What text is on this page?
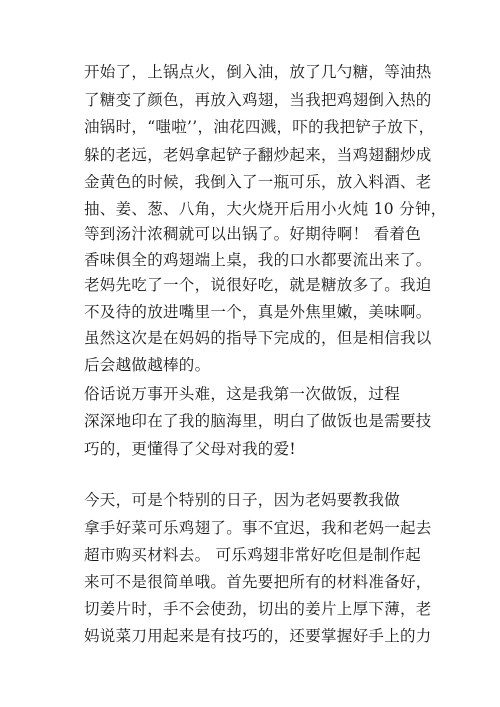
开始了，上锅点火，倒入油，放了几勺糖，等油热
了糖变了颜色，再放入鸡翅，当我把鸡翅倒入热的
油锅时，“嗤啦’’，油花四溅，吓的我把铲子放下，
躲的老远，老妈拿起铲子翻炒起来，当鸡翅翻炒成
金黄色的时候，我倒入了一瓶可乐，放入料酒、老
抽、姜、葱、八角，大火烧开后用小火炖 10 分钟，
等到汤汁浓稠就可以出锅了。好期待啊！ 看着色
香味俱全的鸡翅端上桌，我的口水都要流出来了。
老妈先吃了一个，说很好吃，就是糖放多了。我迫
不及待的放进嘴里一个，真是外焦里嫩，美味啊。
虽然这次是在妈妈的指导下完成的，但是相信我以
后会越做越棒的。
俗话说万事开头难，这是我第一次做饭，过程
深深地印在了我的脑海里，明白了做饭也是需要技
巧的，更懂得了父母对我的爱!
今天，可是个特别的日子，因为老妈要教我做
拿手好菜可乐鸡翅了。事不宜迟，我和老妈一起去
超市购买材料去。 可乐鸡翅非常好吃但是制作起
来可不是很简单哦。首先要把所有的材料准备好，
切姜片时，手不会使劲，切出的姜片上厚下薄，老
妈说菜刀用起来是有技巧的，还要掌握好手上的力
